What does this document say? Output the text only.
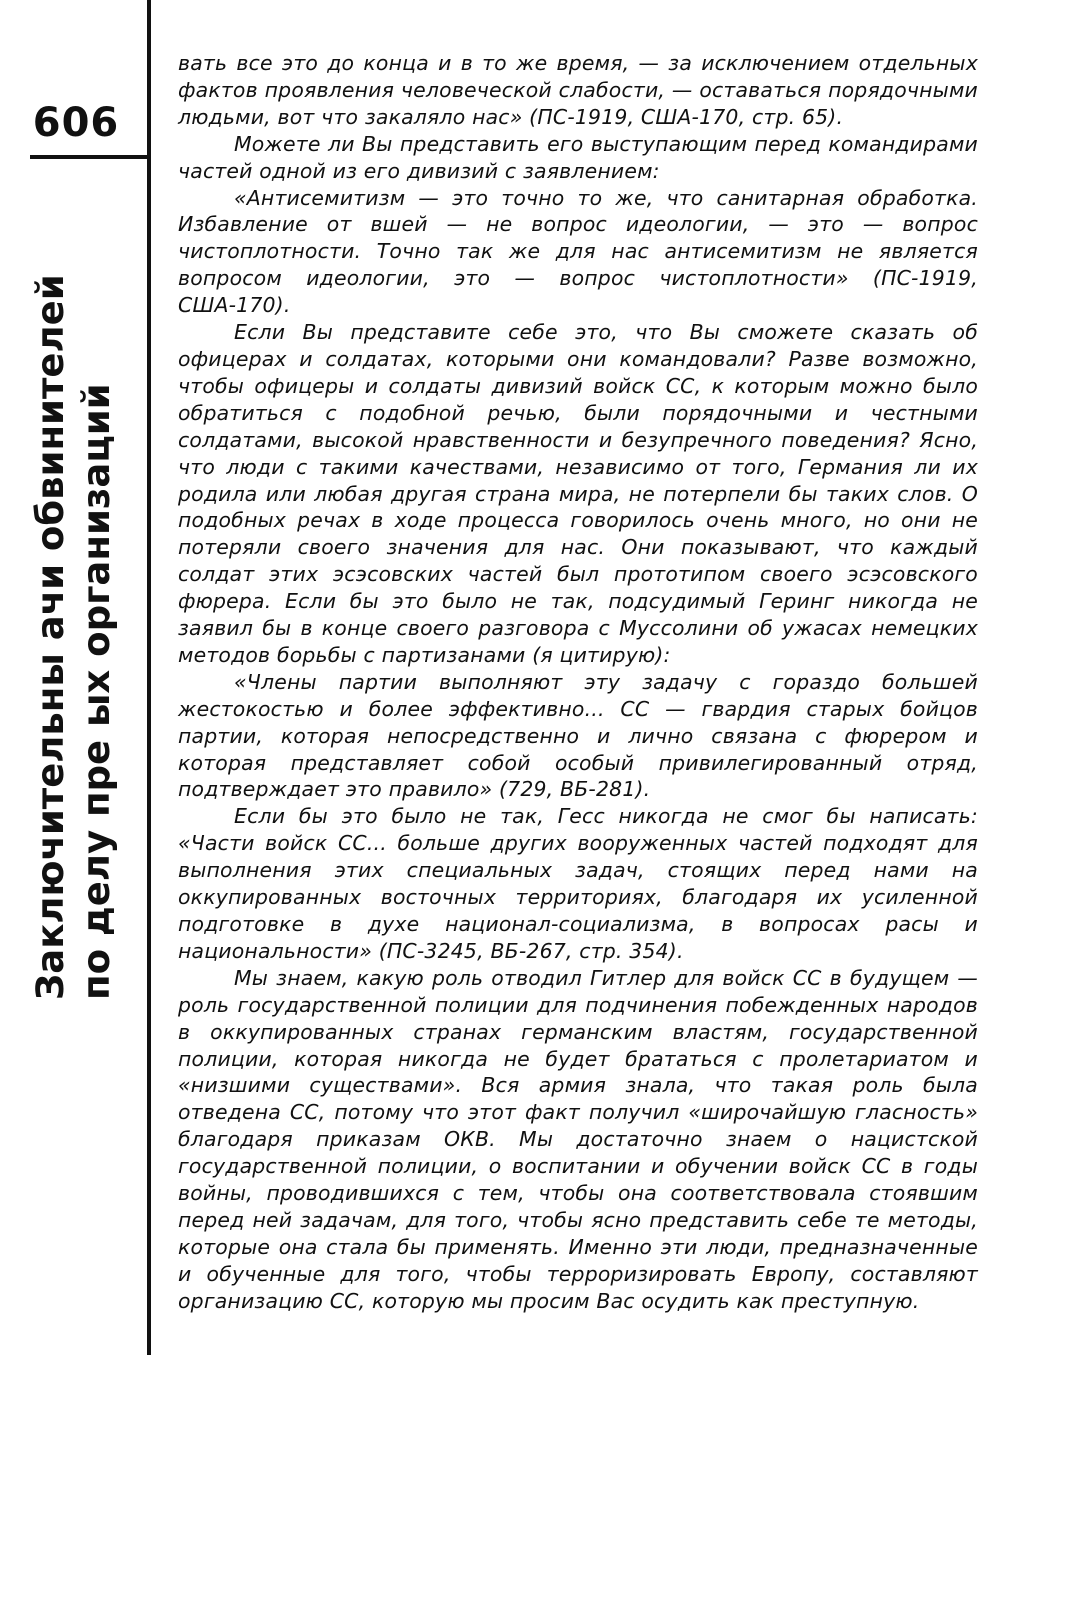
606
Заключительны ачи обвинителей по делу пре ых организаций

вать все это до конца и в то же время, — за исключением отдельных фактов проявления человеческой слабости, — оставаться порядочными людьми, вот что закаляло нас» (ПС-1919, США-170, стр. 65).

Можете ли Вы представить его выступающим перед командирами частей одной из его дивизий с заявлением:

«Антисемитизм — это точно то же, что санитарная обработка. Избавление от вшей — не вопрос идеологии, — это — вопрос чистоплотности. Точно так же для нас антисемитизм не является вопросом идеологии, это — вопрос чистоплотности» (ПС-1919, США-170).

Если Вы представите себе это, что Вы сможете сказать об офицерах и солдатах, которыми они командовали? Разве возможно, чтобы офицеры и солдаты дивизий войск СС, к которым можно было обратиться с подобной речью, были порядочными и честными солдатами, высокой нравственности и безупречного поведения? Ясно, что люди с такими качествами, независимо от того, Германия ли их родила или любая другая страна мира, не потерпели бы таких слов. О подобных речах в ходе процесса говорилось очень много, но они не потеряли своего значения для нас. Они показывают, что каждый солдат этих эсэсовских частей был прототипом своего эсэсовского фюрера. Если бы это было не так, подсудимый Геринг никогда не заявил бы в конце своего разговора с Муссолини об ужасах немецких методов борьбы с партизанами (я цитирую):

«Члены партии выполняют эту задачу с гораздо большей жестокостью и более эффективно... СС — гвардия старых бойцов партии, которая непосредственно и лично связана с фюрером и которая представляет собой особый привилегированный отряд, подтверждает это правило» (729, ВБ-281).

Если бы это было не так, Гесс никогда не смог бы написать: «Части войск СС... больше других вооруженных частей подходят для выполнения этих специальных задач, стоящих перед нами на оккупированных восточных территориях, благодаря их усиленной подготовке в духе национал-социализма, в вопросах расы и национальности» (ПС-3245, ВБ-267, стр. 354).

Мы знаем, какую роль отводил Гитлер для войск СС в будущем — роль государственной полиции для подчинения побежденных народов в оккупированных странах германским властям, государственной полиции, которая никогда не будет брататься с пролетариатом и «низшими существами». Вся армия знала, что такая роль была отведена СС, потому что этот факт получил «широчайшую гласность» благодаря приказам ОКВ. Мы достаточно знаем о нацистской государственной полиции, о воспитании и обучении войск СС в годы войны, проводившихся с тем, чтобы она соответствовала стоявшим перед ней задачам, для того, чтобы ясно представить себе те методы, которые она стала бы применять. Именно эти люди, предназначенные и обученные для того, чтобы терроризировать Европу, составляют организацию СС, которую мы просим Вас осудить как преступную.
